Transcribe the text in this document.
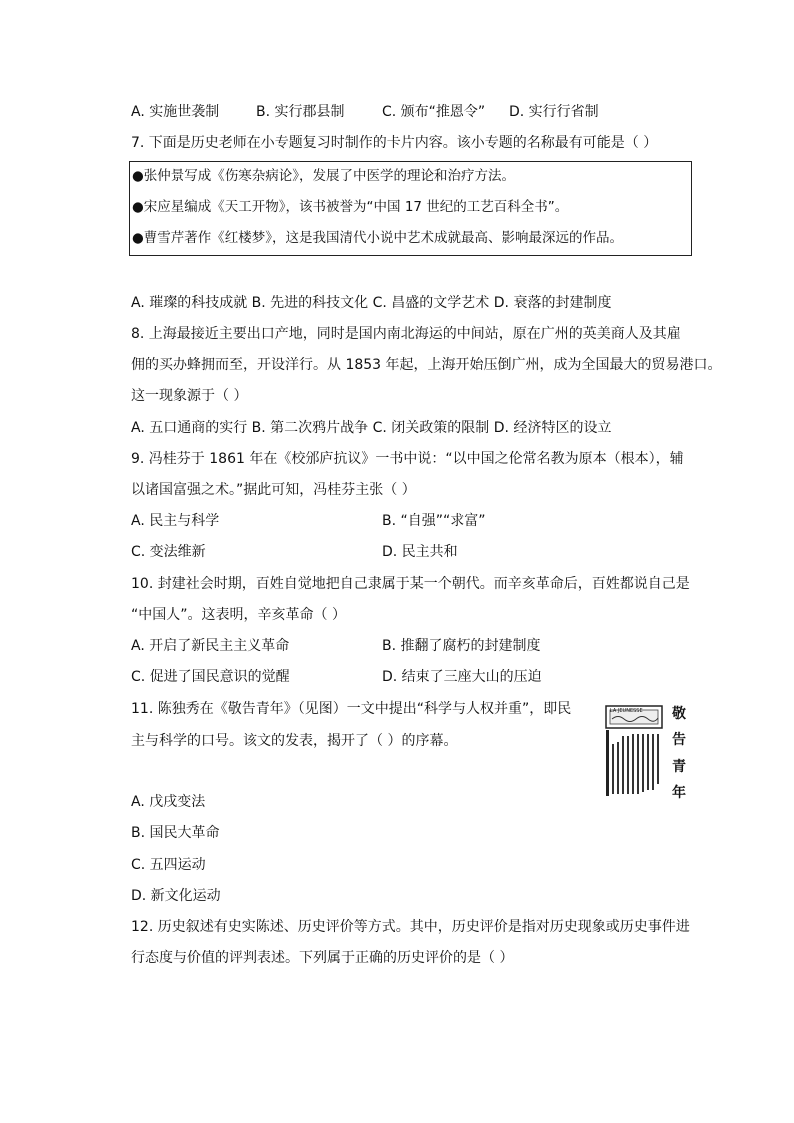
A. 实施世袭制	B. 实行郡县制	C. 颁布“推恩令” D. 实行行省制
7. 下面是历史老师在小专题复习时制作的卡片内容。该小专题的名称最有可能是（ ）
●张仲景写成《伤寒杂病论》，发展了中医学的理论和治疗方法。
●宋应星编成《天工开物》，该书被誉为“中国 17 世纪的工艺百科全书”。
●曹雪芹著作《红楼梦》，这是我国清代小说中艺术成就最高、影响最深远的作品。
A. 璀璨的科技成就 B. 先进的科技文化 C. 昌盛的文学艺术 D. 衰落的封建制度
8. 上海最接近主要出口产地，同时是国内南北海运的中间站，原在广州的英美商人及其雇
佣的买办蜂拥而至，开设洋行。从 1853 年起，上海开始压倒广州，成为全国最大的贸易港口。
这一现象源于（ ）
A. 五口通商的实行 B. 第二次鸦片战争 C. 闭关政策的限制 D. 经济特区的设立
9. 冯桂芬于 1861 年在《校邠庐抗议》一书中说：“以中国之伦常名教为原本（根本），辅
以诸国富强之术。”据此可知，冯桂芬主张（ ）
A. 民主与科学	B. “自强”“求富”
C. 变法维新	D. 民主共和
10. 封建社会时期，百姓自觉地把自己隶属于某一个朝代。而辛亥革命后，百姓都说自己是
“中国人”。这表明，辛亥革命（ ）
A. 开启了新民主主义革命	B. 推翻了腐朽的封建制度
C. 促进了国民意识的觉醒	D. 结束了三座大山的压迫
11. 陈独秀在《敬告青年》（见图）一文中提出“科学与人权并重”，即民
主与科学的口号。该文的发表，揭开了（ ）的序幕。
LA JEUNESSE 敬
告
青
年
A. 戊戌变法
B. 国民大革命
C. 五四运动
D. 新文化运动
12. 历史叙述有史实陈述、历史评价等方式。其中，历史评价是指对历史现象或历史事件进
行态度与价值的评判表述。下列属于正确的历史评价的是（ ）
